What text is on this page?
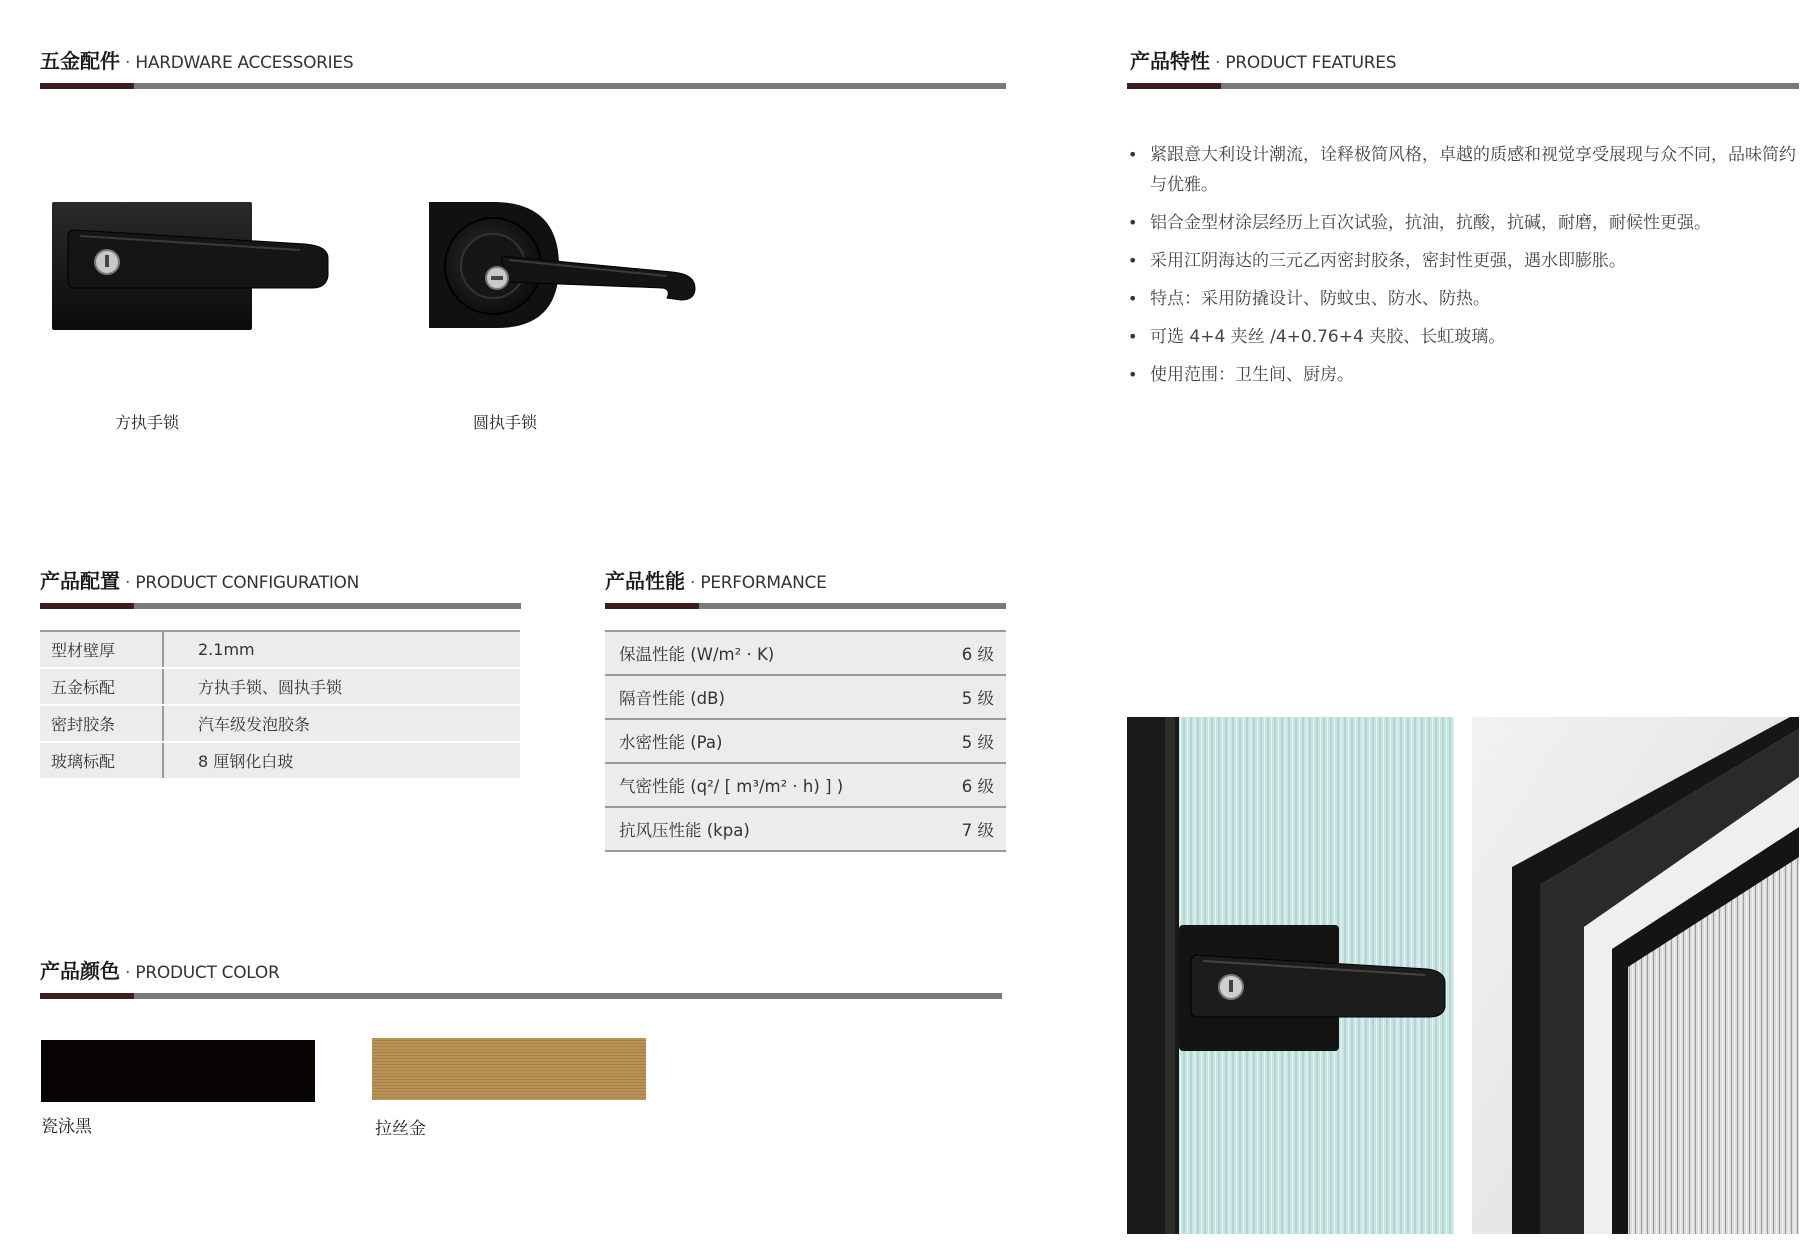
五金配件 · HARDWARE ACCESSORIES
方执手锁	圆执手锁
产品特性 · PRODUCT FEATURES
• 紧跟意大利设计潮流，诠释极简风格，卓越的质感和视觉享受展现与众不同，品味简约与优雅。
• 铝合金型材涂层经历上百次试验，抗油，抗酸，抗碱，耐磨，耐候性更强。
• 采用江阴海达的三元乙丙密封胶条，密封性更强，遇水即膨胀。
• 特点：采用防撬设计、防蚊虫、防水、防热。
• 可选 4+4 夹丝 /4+0.76+4 夹胶、长虹玻璃。
• 使用范围：卫生间、厨房。
产品配置 · PRODUCT CONFIGURATION
型材壁厚	2.1mm
五金标配	方执手锁、圆执手锁
密封胶条	汽车级发泡胶条
玻璃标配	8 厘钢化白玻
产品性能 · PERFORMANCE
保温性能 (W/m² · K)	6 级
隔音性能 (dB)	5 级
水密性能 (Pa)	5 级
气密性能 (q²/ [ m³/m² · h) ] )	6 级
抗风压性能 (kpa)	7 级
产品颜色 · PRODUCT COLOR
瓷泳黑	拉丝金
